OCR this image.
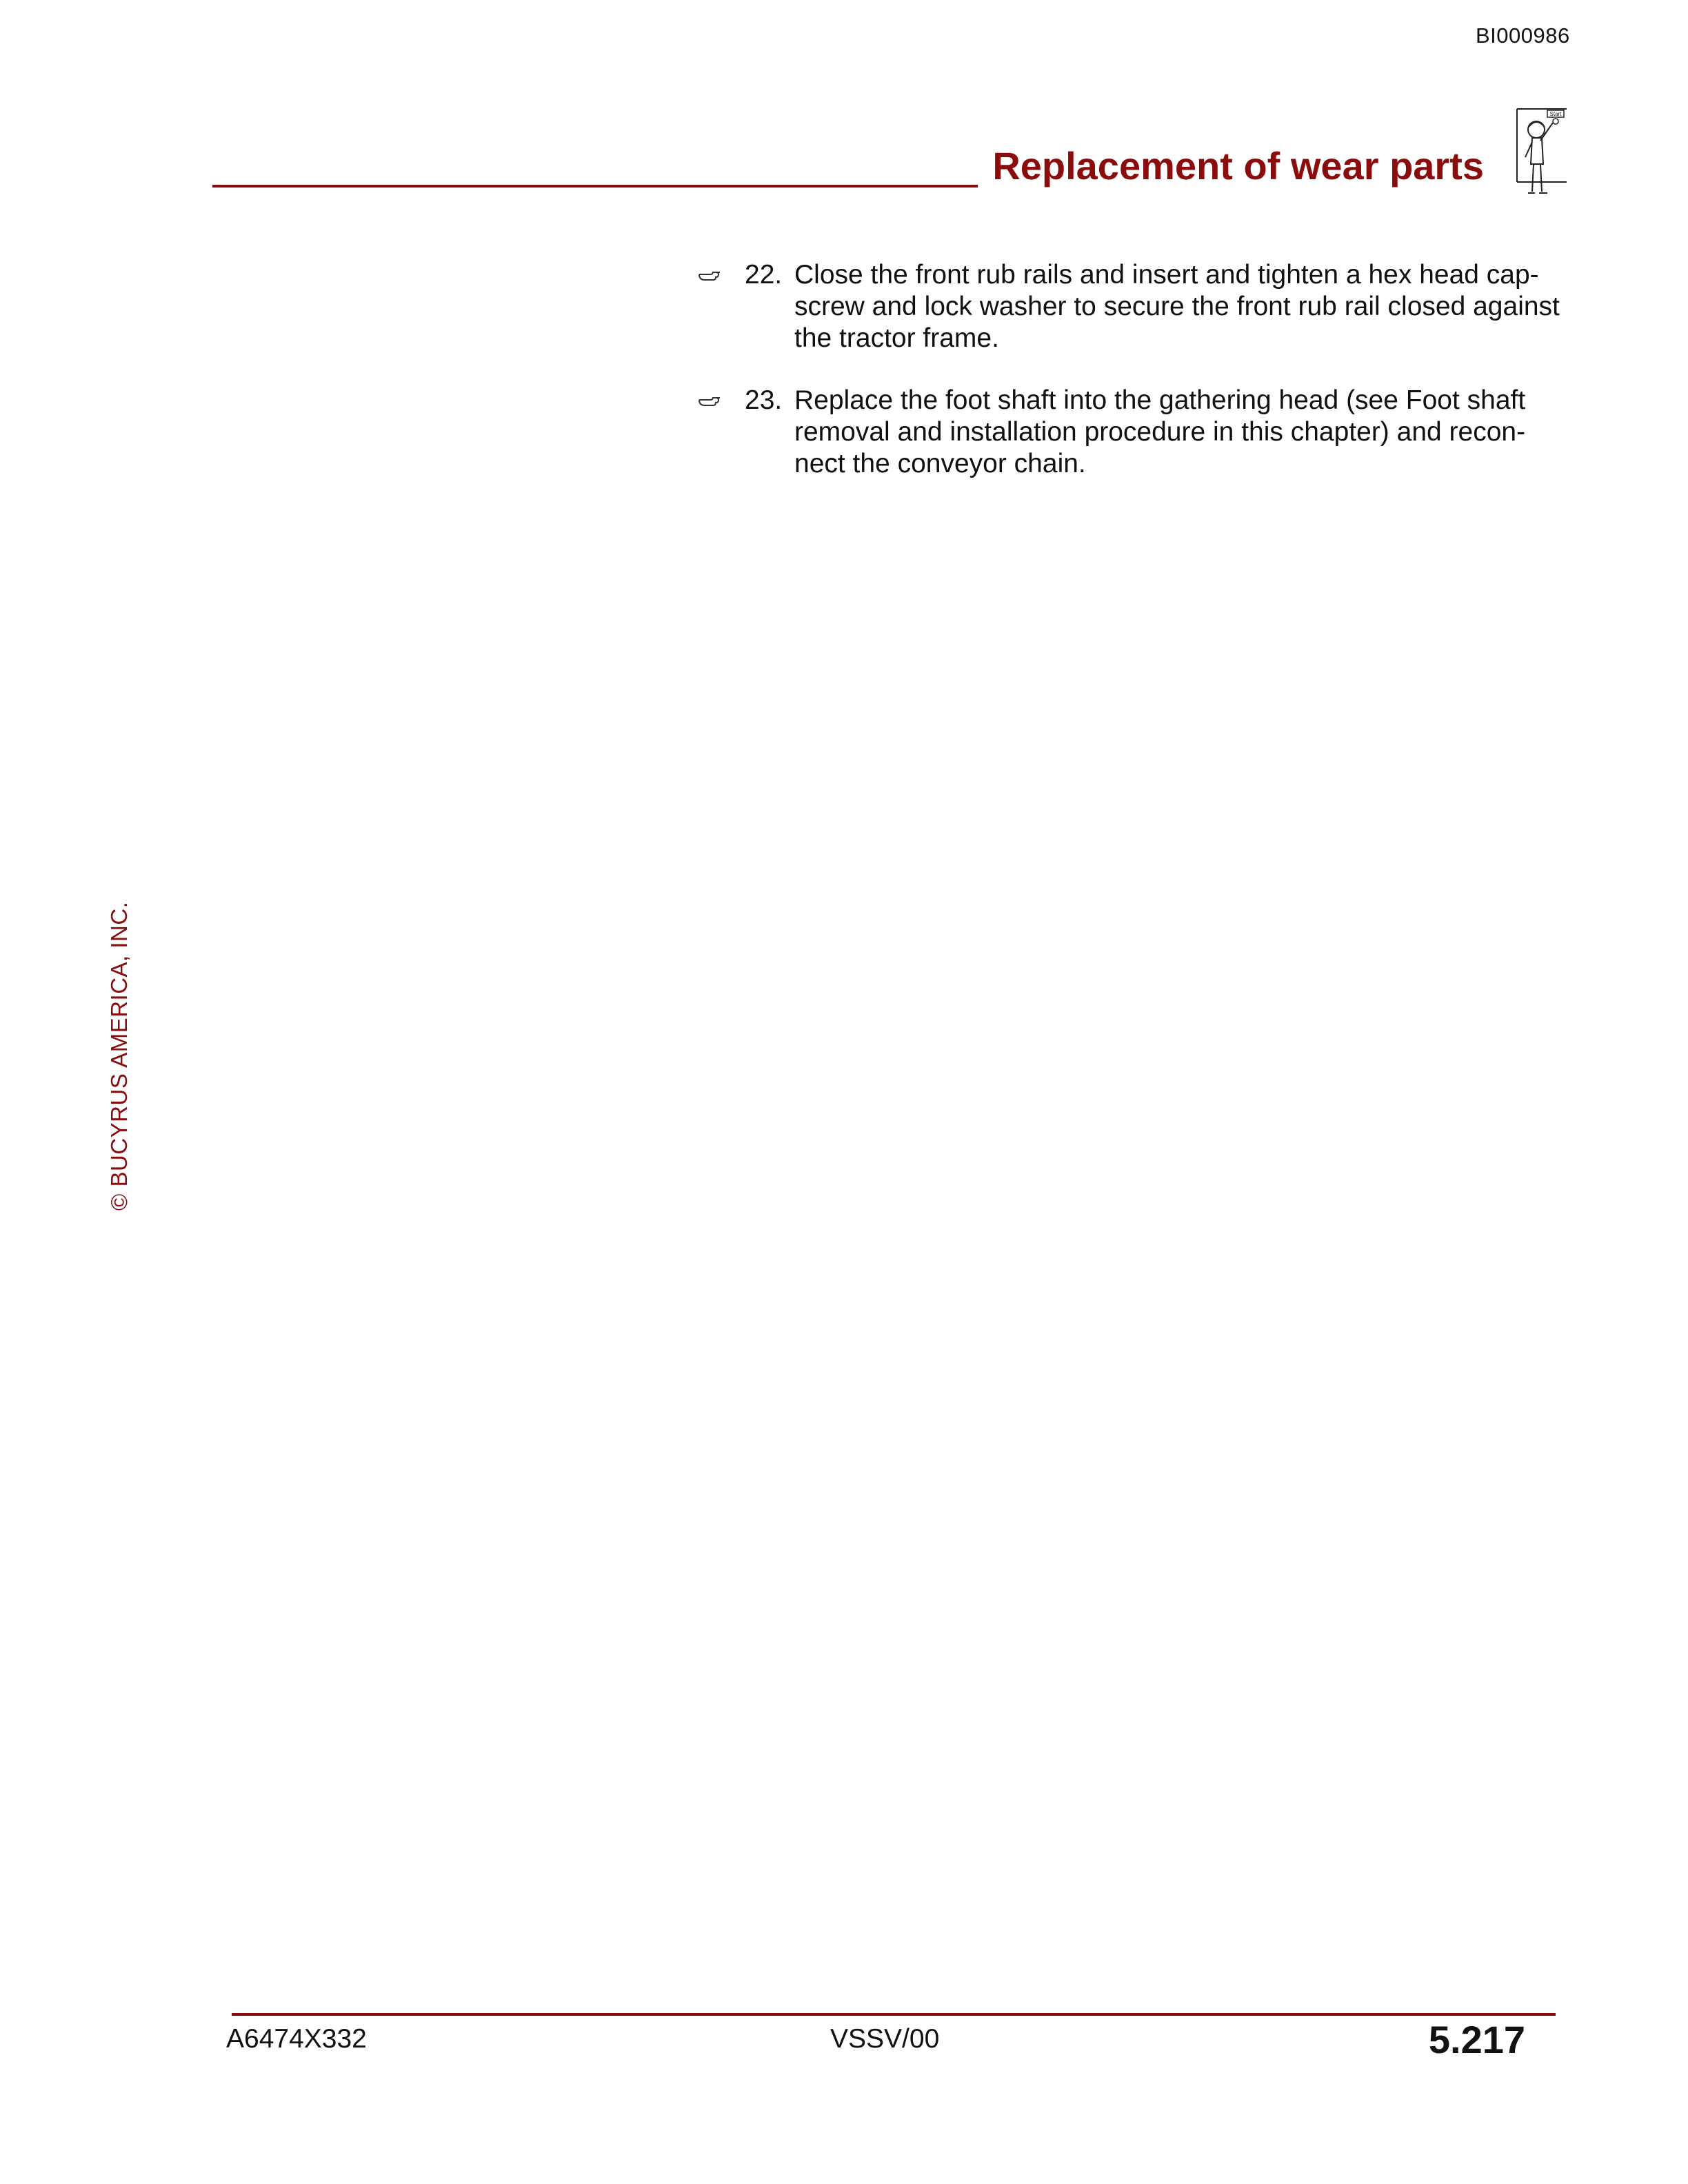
BI000986
Replacement of wear parts
Start
22. Close the front rub rails and insert and tighten a hex head cap-screw and lock washer to secure the front rub rail closed against the tractor frame.
23. Replace the foot shaft into the gathering head (see Foot shaft removal and installation procedure in this chapter) and recon-nect the conveyor chain.
© BUCYRUS AMERICA, INC.
A6474X332	VSSV/00	5.217
